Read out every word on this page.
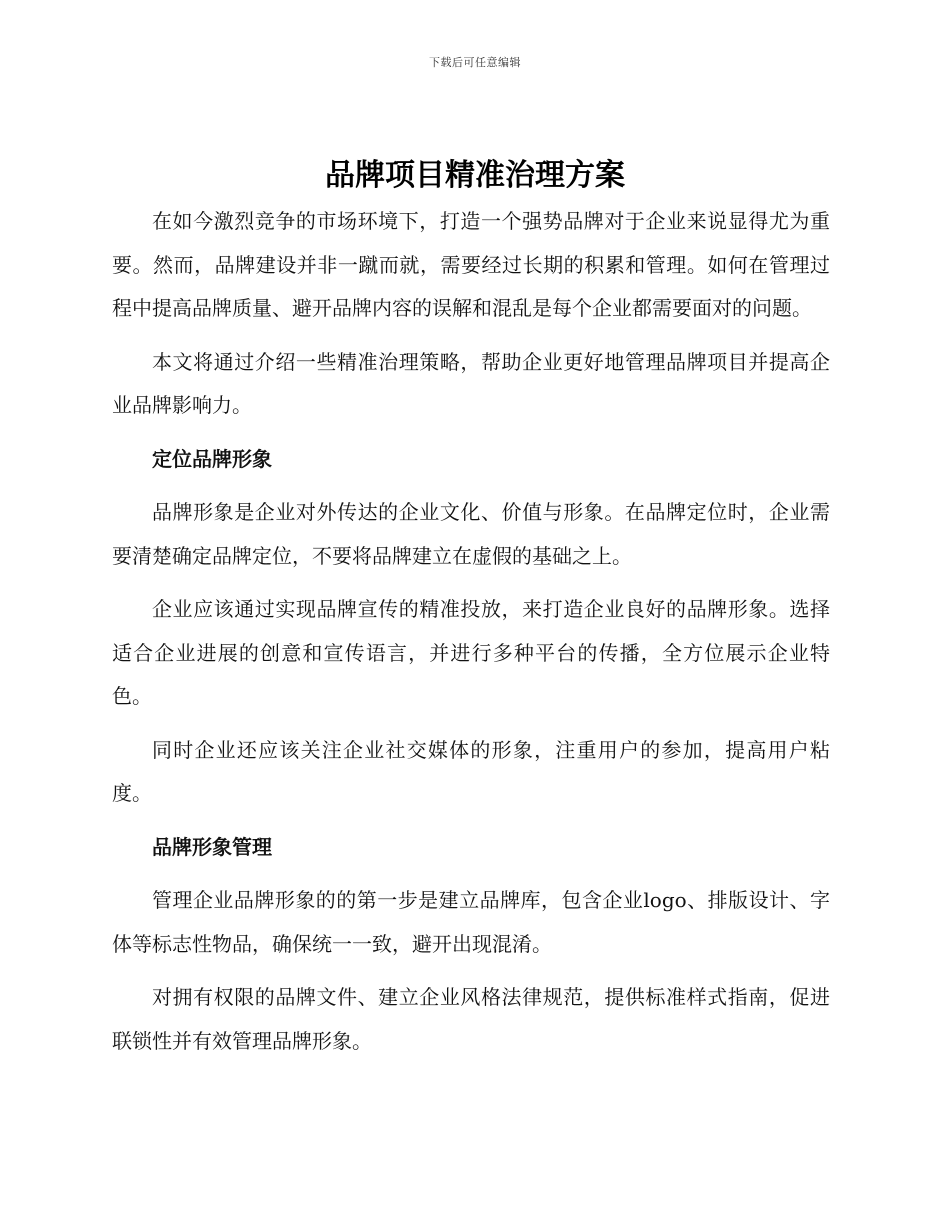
下载后可任意编辑
品牌项目精准治理方案

在如今激烈竞争的市场环境下，打造一个强势品牌对于企业来说显得尤为重要。然而，品牌建设并非一蹴而就，需要经过长期的积累和管理。如何在管理过程中提高品牌质量、避开品牌内容的误解和混乱是每个企业都需要面对的问题。

本文将通过介绍一些精准治理策略，帮助企业更好地管理品牌项目并提高企业品牌影响力。

定位品牌形象

品牌形象是企业对外传达的企业文化、价值与形象。在品牌定位时，企业需要清楚确定品牌定位，不要将品牌建立在虚假的基础之上。

企业应该通过实现品牌宣传的精准投放，来打造企业良好的品牌形象。选择适合企业进展的创意和宣传语言，并进行多种平台的传播，全方位展示企业特色。

同时企业还应该关注企业社交媒体的形象，注重用户的参加，提高用户粘度。

品牌形象管理

管理企业品牌形象的的第一步是建立品牌库，包含企业logo、排版设计、字体等标志性物品，确保统一一致，避开出现混淆。

对拥有权限的品牌文件、建立企业风格法律规范，提供标准样式指南，促进联锁性并有效管理品牌形象。
